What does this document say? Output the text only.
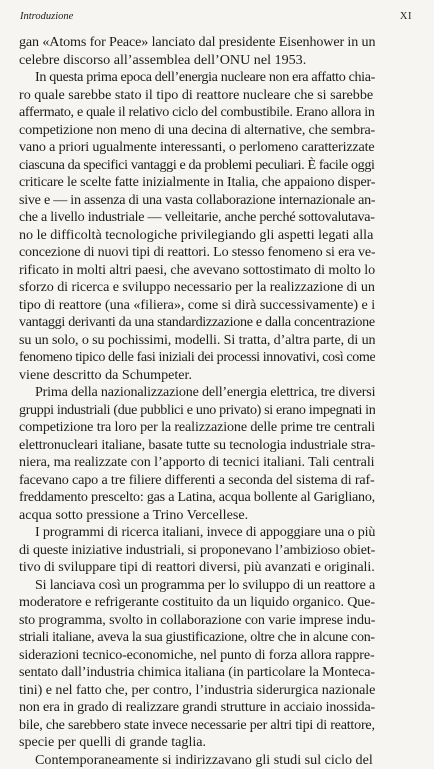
Introduzione	XI
gan «Atoms for Peace» lanciato dal presidente Eisenhower in un
celebre discorso all’assemblea dell’ONU nel 1953.
In questa prima epoca dell’energia nucleare non era affatto chia-
ro quale sarebbe stato il tipo di reattore nucleare che si sarebbe
affermato, e quale il relativo ciclo del combustibile. Erano allora in
competizione non meno di una decina di alternative, che sembra-
vano a priori ugualmente interessanti, o perlomeno caratterizzate
ciascuna da specifici vantaggi e da problemi peculiari. È facile oggi
criticare le scelte fatte inizialmente in Italia, che appaiono disper-
sive e — in assenza di una vasta collaborazione internazionale an-
che a livello industriale — velleitarie, anche perché sottovalutava-
no le difficoltà tecnologiche privilegiando gli aspetti legati alla
concezione di nuovi tipi di reattori. Lo stesso fenomeno si era ve-
rificato in molti altri paesi, che avevano sottostimato di molto lo
sforzo di ricerca e sviluppo necessario per la realizzazione di un
tipo di reattore (una «filiera», come si dirà successivamente) e i
vantaggi derivanti da una standardizzazione e dalla concentrazione
su un solo, o su pochissimi, modelli. Si tratta, d’altra parte, di un
fenomeno tipico delle fasi iniziali dei processi innovativi, così come
viene descritto da Schumpeter.
Prima della nazionalizzazione dell’energia elettrica, tre diversi
gruppi industriali (due pubblici e uno privato) si erano impegnati in
competizione tra loro per la realizzazione delle prime tre centrali
elettronucleari italiane, basate tutte su tecnologia industriale stra-
niera, ma realizzate con l’apporto di tecnici italiani. Tali centrali
facevano capo a tre filiere differenti a seconda del sistema di raf-
freddamento prescelto: gas a Latina, acqua bollente al Garigliano,
acqua sotto pressione a Trino Vercellese.
I programmi di ricerca italiani, invece di appoggiare una o più
di queste iniziative industriali, si proponevano l’ambizioso obiet-
tivo di sviluppare tipi di reattori diversi, più avanzati e originali.
Si lanciava così un programma per lo sviluppo di un reattore a
moderatore e refrigerante costituito da un liquido organico. Que-
sto programma, svolto in collaborazione con varie imprese indu-
striali italiane, aveva la sua giustificazione, oltre che in alcune con-
siderazioni tecnico-economiche, nel punto di forza allora rappre-
sentato dall’industria chimica italiana (in particolare la Monteca-
tini) e nel fatto che, per contro, l’industria siderurgica nazionale
non era in grado di realizzare grandi strutture in acciaio inossida-
bile, che sarebbero state invece necessarie per altri tipi di reattore,
specie per quelli di grande taglia.
Contemporaneamente si indirizzavano gli studi sul ciclo del
